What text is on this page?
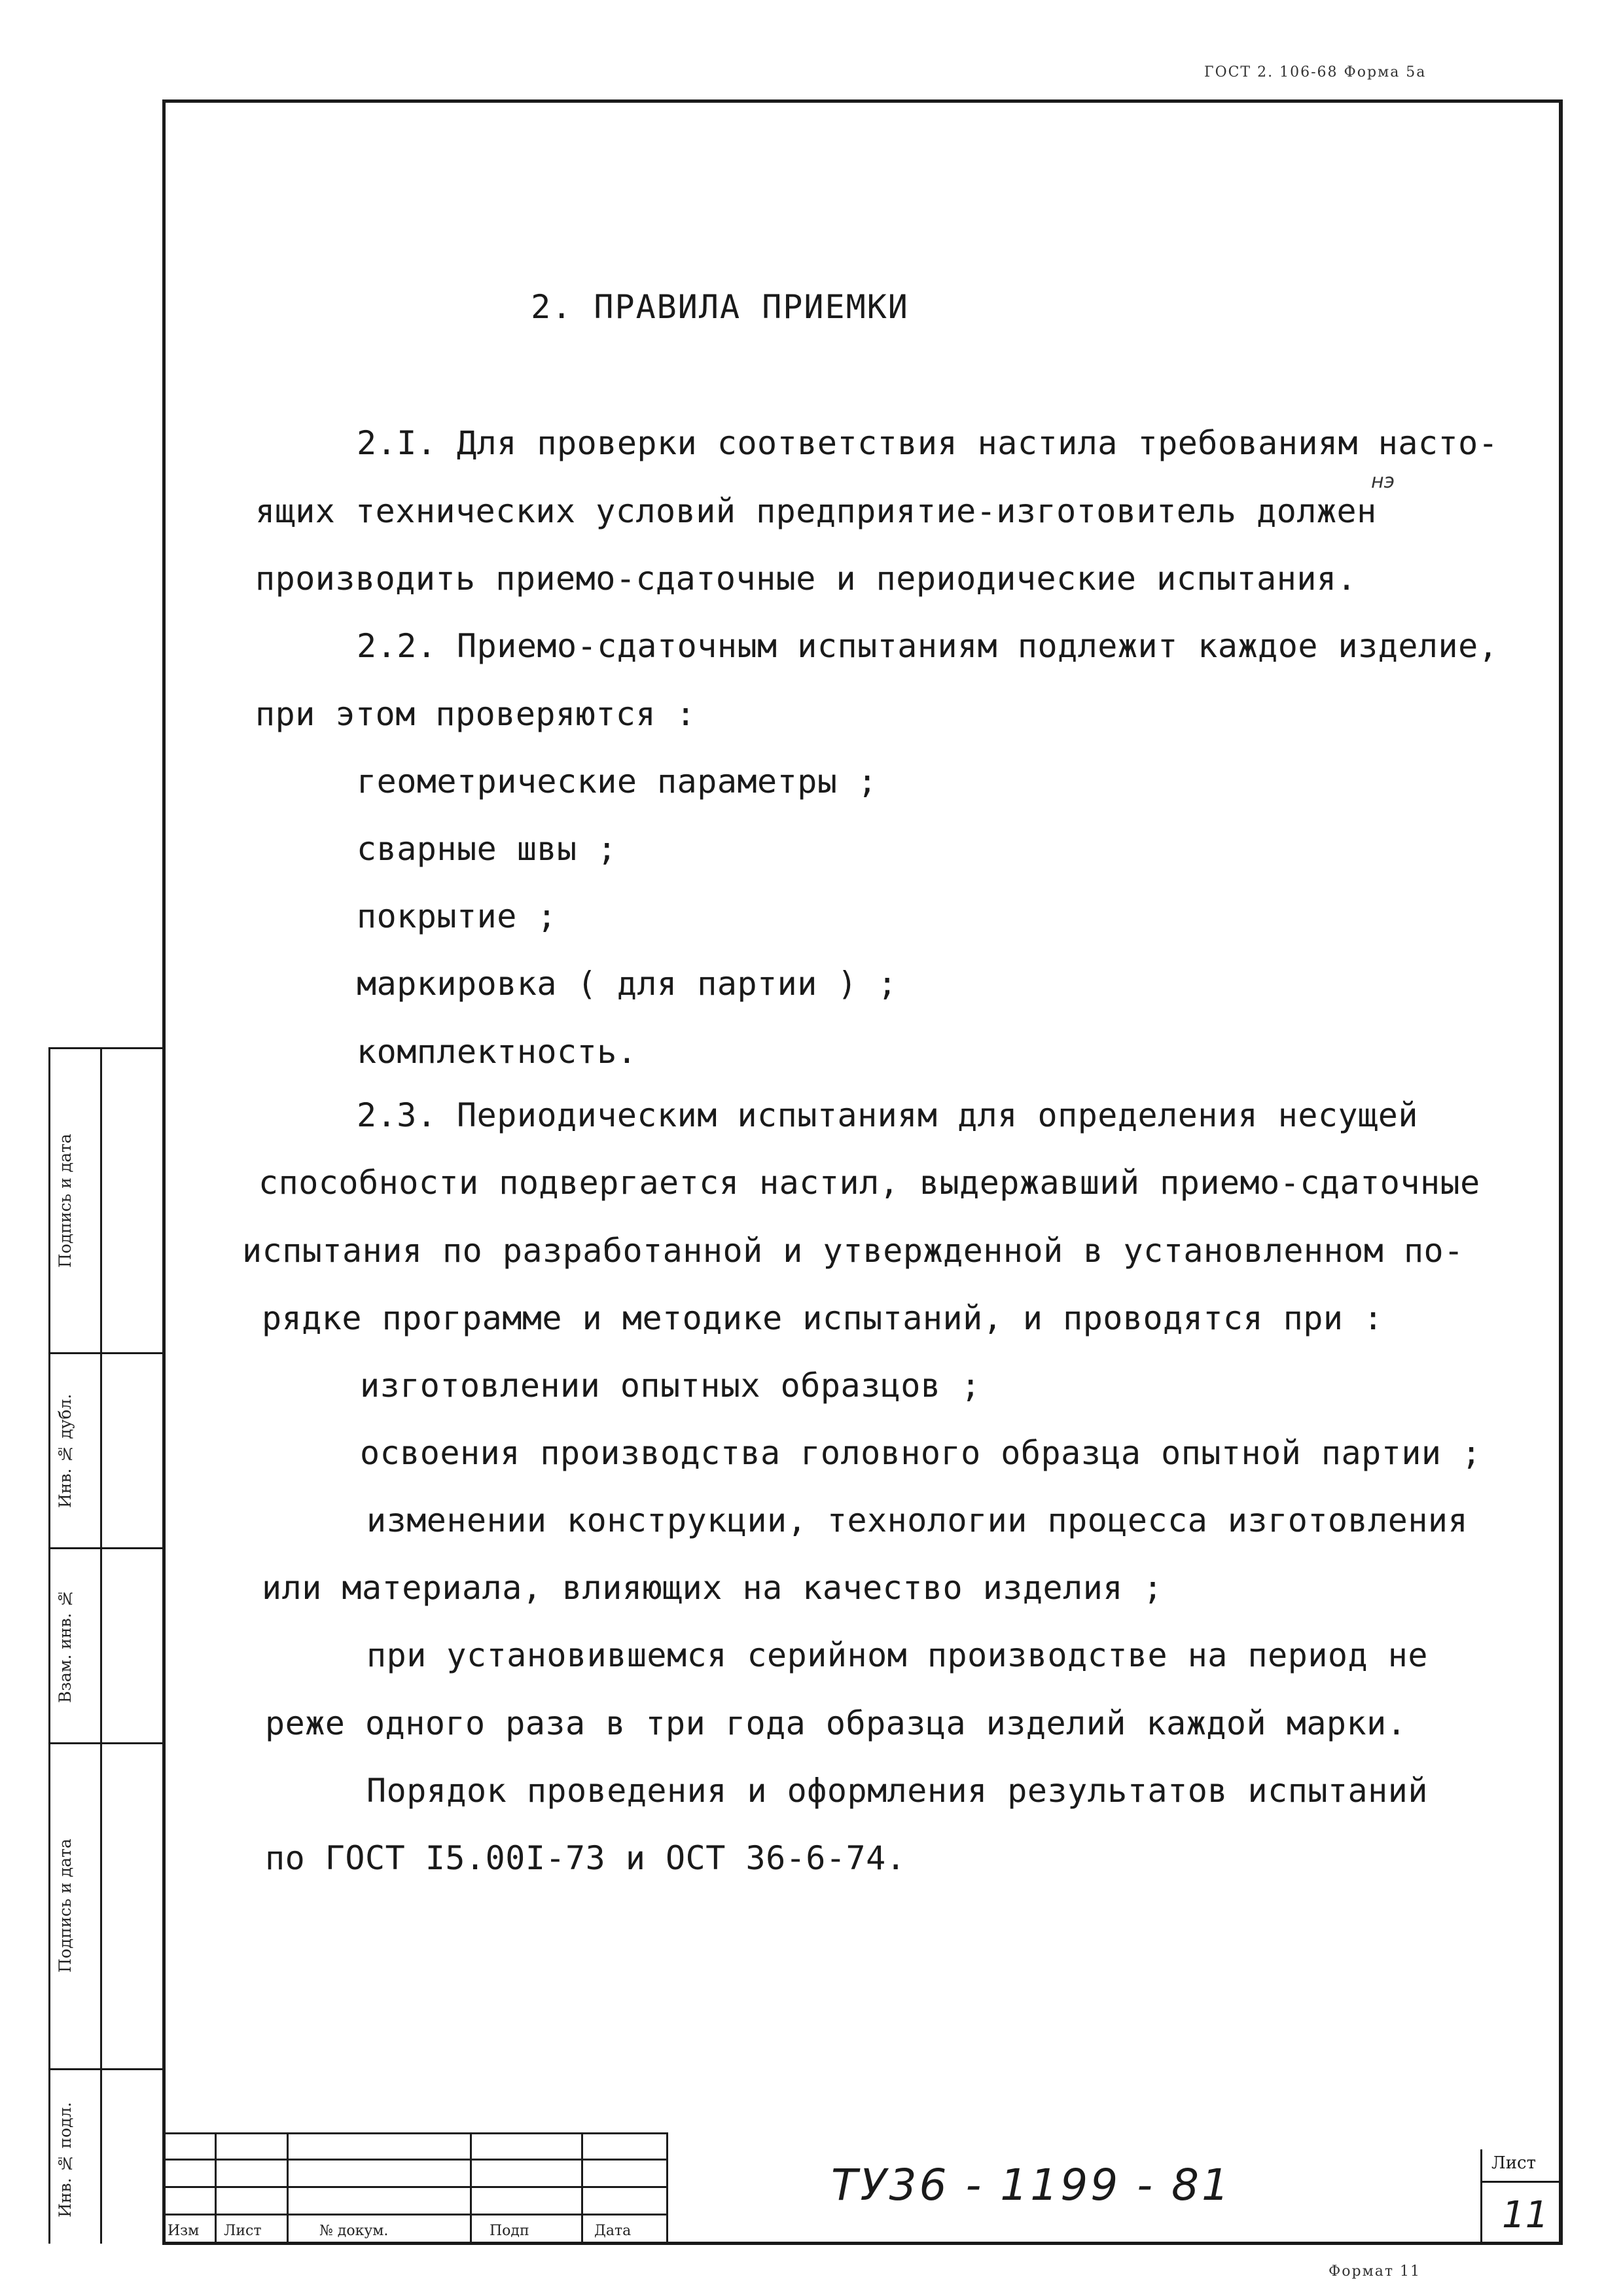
ГОСТ 2. 106-68 Форма 5а
2. ПРАВИЛА ПРИЕМКИ
нэ
2.I. Для проверки соответствия настила требованиям насто-
ящих технических условий предприятие-изготовитель должен
производить приемо-сдаточные и периодические испытания.
2.2. Приемо-сдаточным испытаниям подлежит каждое изделие,
при этом проверяются :
геометрические параметры ;
сварные швы ;
покрытие ;
маркировка ( для партии ) ;
комплектность.
2.3. Периодическим испытаниям для определения несущей
способности подвергается настил, выдержавший приемо-сдаточные
испытания по разработанной и утвержденной в установленном по-
рядке программе и методике испытаний, и проводятся при :
изготовлении опытных образцов ;
освоения производства головного образца опытной партии ;
изменении конструкции, технологии процесса изготовления
или материала, влияющих на качество изделия ;
при установившемся серийном производстве на период не
реже одного раза в три года образца изделий каждой марки.
Порядок проведения и оформления результатов испытаний
по ГОСТ I5.00I-73 и ОСТ 36-6-74.
Подпись и дата
Инв. № дубл.
Взам. инв. №
Подпись и дата
Инв. № подл.
Изм Лист	№ докум.	Подп	Дата
ТУ36 - 1199 - 81	Лист
11
Формат 11
